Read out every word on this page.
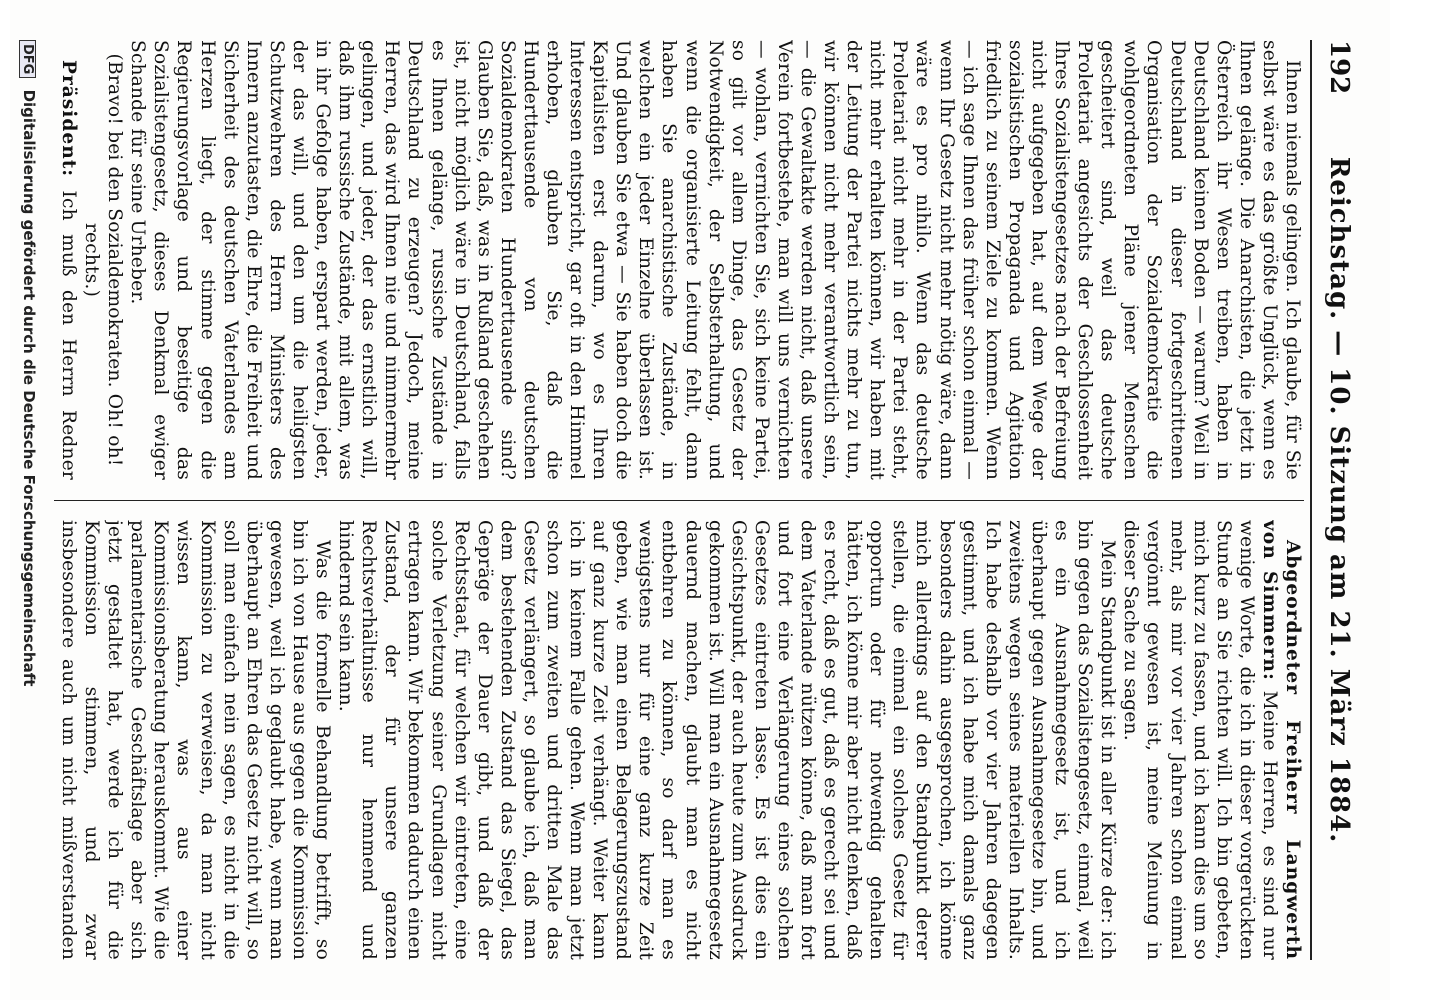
192
Reichstag. — 10. Sitzung am 21. März 1884.

Ihnen niemals gelingen. Ich glaube, für Sie selbst wäre es das größte Unglück, wenn es Ihnen gelänge. Die Anarchisten, die jetzt in Österreich ihr Wesen treiben, haben in Deutschland keinen Boden — warum? Weil in Deutschland in dieser fortgeschrittenen Organisation der Sozialdemokratie die wohlgeordneten Pläne jener Menschen gescheitert sind, weil das deutsche Proletariat angesichts der Geschlossenheit Ihres Sozialistengesetzes nach der Befreiung nicht aufgegeben hat, auf dem Wege der sozialistischen Propaganda und Agitation friedlich zu seinem Ziele zu kommen. Wenn — ich sage Ihnen das früher schon einmal — wenn Ihr Gesetz nicht mehr nötig wäre, dann wäre es pro nihilo. Wenn das deutsche Proletariat nicht mehr in der Partei steht, nicht mehr erhalten können, wir haben mit der Leitung der Partei nichts mehr zu tun, wir können nicht mehr verantwortlich sein, — die Gewaltakte werden nicht, daß unsere Verein fortbestehe, man will uns vernichten — wohlan, vernichten Sie, sich keine Partei, so gilt vor allem Dinge, das Gesetz der Notwendigkeit, der Selbsterhaltung, und wenn die organisierte Leitung fehlt, dann haben Sie anarchistische Zustände, in welchen ein jeder Einzelne überlassen ist. Und glauben Sie etwa — Sie haben doch die Kapitalisten erst darum, wo es Ihren Interessen entspricht, gar oft in den Himmel erhoben, glauben Sie, daß die Hunderttausende von deutschen Sozialdemokraten Hunderttausende sind? Glauben Sie, daß, was in Rußland geschehen ist, nicht möglich wäre in Deutschland, falls es Ihnen gelänge, russische Zustände in Deutschland zu erzeugen? Jedoch, meine Herren, das wird Ihnen nie und nimmermehr gelingen, und jeder, der das ernstlich will, daß ihm russische Zustände, mit allem, was in ihr Gefolge haben, erspart werden, jeder, der das will, und den um die heiligsten Schutzwehren des Herrn Ministers des Innern anzutasten, die Ehre, die Freiheit und Sicherheit des deutschen Vaterlandes am Herzen liegt, der stimme gegen die Regierungsvorlage und beseitige das Sozialistengesetz, dieses Denkmal ewiger Schande für seine Urheber.

(Bravo! bei den Sozialdemokraten. Oh! oh! rechts.)

Präsident: Ich muß den Herrn Redner

Abgeordneter Freiherr Langwerth von Simmern: Meine Herren, es sind nur wenige Worte, die ich in dieser vorgerückten Stunde an Sie richten will. Ich bin gebeten, mich kurz zu fassen, und ich kann dies um so mehr, als mir vor vier Jahren schon einmal vergönnt gewesen ist, meine Meinung in dieser Sache zu sagen.

Mein Standpunkt ist in aller Kürze der: ich bin gegen das Sozialistengesetz, einmal, weil es ein Ausnahmegesetz ist, und ich überhaupt gegen Ausnahmegesetze bin, und zweitens wegen seines materiellen Inhalts. Ich habe deshalb vor vier Jahren dagegen gestimmt, und ich habe mich damals ganz besonders dahin ausgesprochen, ich könne mich allerdings auf den Standpunkt derer stellen, die einmal ein solches Gesetz für opportun oder für notwendig gehalten hätten, ich könne mir aber nicht denken, daß es recht, daß es gut, daß es gerecht sei und dem Vaterlande nützen könne, daß man fort und fort eine Verlängerung eines solchen Gesetzes eintreten lasse. Es ist dies ein Gesichtspunkt, der auch heute zum Ausdruck gekommen ist. Will man ein Ausnahmegesetz dauernd machen, glaubt man es nicht entbehren zu können, so darf man es wenigstens nur für eine ganz kurze Zeit geben, wie man einen Belagerungszustand auf ganz kurze Zeit verhängt. Weiter kann ich in keinem Falle gehen. Wenn man jetzt schon zum zweiten und dritten Male das Gesetz verlängert, so glaube ich, daß man dem bestehenden Zustand das Siegel, das Gepräge der Dauer gibt, und daß der Rechtsstaat, für welchen wir eintreten, eine solche Verletzung seiner Grundlagen nicht ertragen kann. Wir bekommen dadurch einen Zustand, der für unsere ganzen Rechtsverhältnisse nur hemmend und hindernd sein kann.

Was die formelle Behandlung betrifft, so bin ich von Hause aus gegen die Kommission gewesen, weil ich geglaubt habe, wenn man überhaupt an Ehren das Gesetz nicht will, so soll man einfach nein sagen, es nicht in die Kommission zu verweisen, da man nicht wissen kann, was aus einer Kommissionsberatung herauskommt. Wie die parlamentarische Geschäftslage aber sich jetzt gestaltet hat, werde ich für die Kommission stimmen, und zwar insbesondere auch um nicht mißverstanden

DFG Digitalisierung gefördert durch die Deutsche Forschungsgemeinschaft
